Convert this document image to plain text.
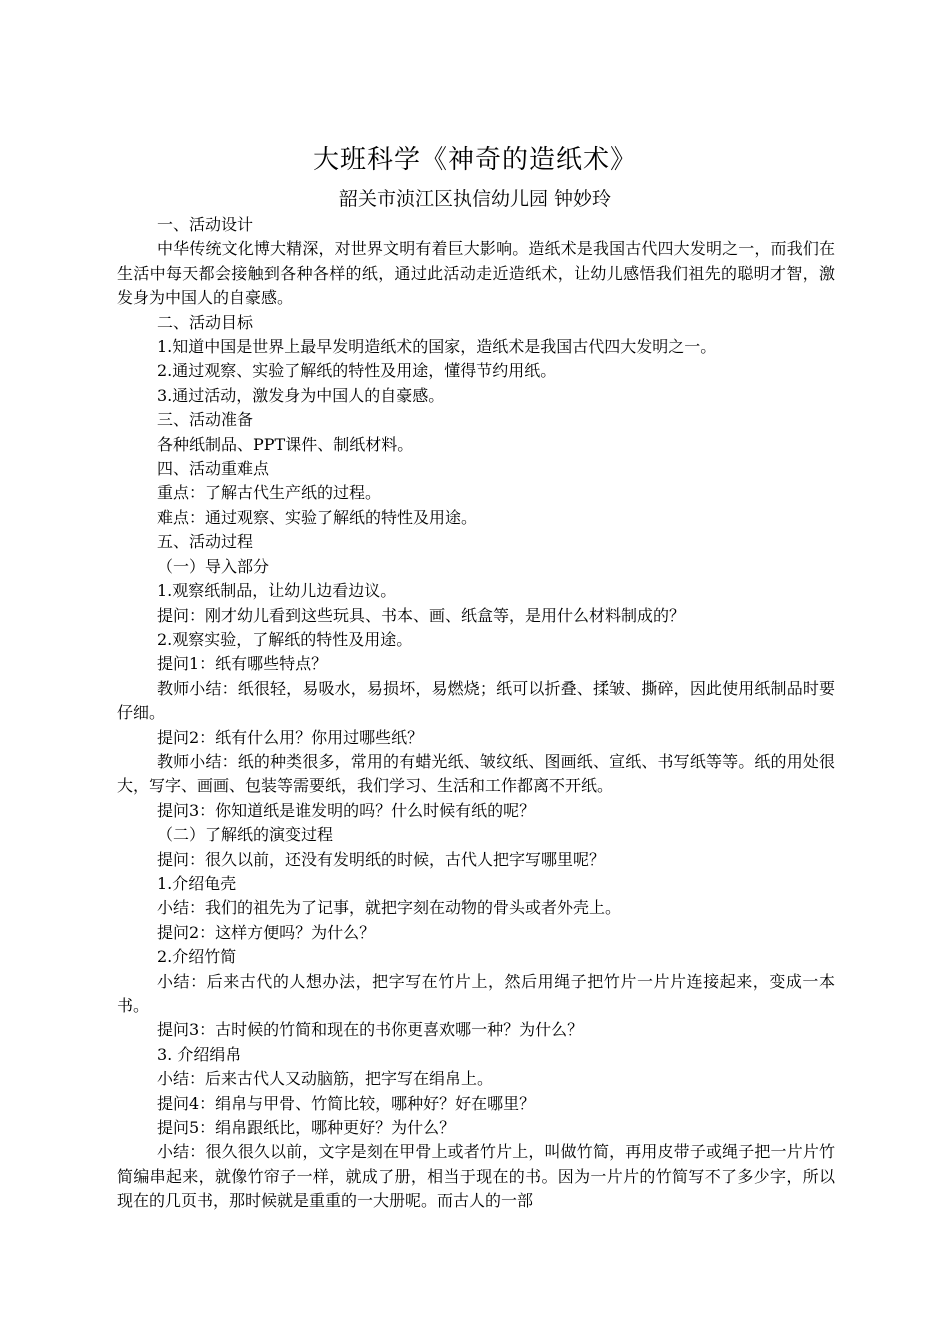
大班科学《神奇的造纸术》
韶关市浈江区执信幼儿园 钟妙玲

一、活动设计

中华传统文化博大精深，对世界文明有着巨大影响。造纸术是我国古代四大发明之一，而我们在生活中每天都会接触到各种各样的纸，通过此活动走近造纸术，让幼儿感悟我们祖先的聪明才智，激发身为中国人的自豪感。

二、活动目标

1.知道中国是世界上最早发明造纸术的国家，造纸术是我国古代四大发明之一。

2.通过观察、实验了解纸的特性及用途，懂得节约用纸。

3.通过活动，激发身为中国人的自豪感。

三、活动准备

各种纸制品、PPT课件、制纸材料。

四、活动重难点

重点：了解古代生产纸的过程。

难点：通过观察、实验了解纸的特性及用途。

五、活动过程

（一）导入部分

1.观察纸制品，让幼儿边看边议。

提问：刚才幼儿看到这些玩具、书本、画、纸盒等，是用什么材料制成的？

2.观察实验，了解纸的特性及用途。

提问1：纸有哪些特点？

教师小结：纸很轻，易吸水，易损坏，易燃烧；纸可以折叠、揉皱、撕碎，因此使用纸制品时要仔细。

提问2：纸有什么用？你用过哪些纸？

教师小结：纸的种类很多，常用的有蜡光纸、皱纹纸、图画纸、宣纸、书写纸等等。纸的用处很大，写字、画画、包装等需要纸，我们学习、生活和工作都离不开纸。

提问3：你知道纸是谁发明的吗？什么时候有纸的呢？

（二）了解纸的演变过程

提问：很久以前，还没有发明纸的时候，古代人把字写哪里呢？

1.介绍龟壳

小结：我们的祖先为了记事，就把字刻在动物的骨头或者外壳上。

提问2：这样方便吗？为什么？

2.介绍竹简

小结：后来古代的人想办法，把字写在竹片上，然后用绳子把竹片一片片连接起来，变成一本书。

提问3：古时候的竹简和现在的书你更喜欢哪一种？为什么？

3. 介绍绢帛

小结：后来古代人又动脑筋，把字写在绢帛上。

提问4：绢帛与甲骨、竹简比较，哪种好？好在哪里？

提问5：绢帛跟纸比，哪种更好？为什么？

小结：很久很久以前，文字是刻在甲骨上或者竹片上，叫做竹简，再用皮带子或绳子把一片片竹简编串起来，就像竹帘子一样，就成了册，相当于现在的书。因为一片片的竹简写不了多少字，所以现在的几页书，那时候就是重重的一大册呢。而古人的一部
